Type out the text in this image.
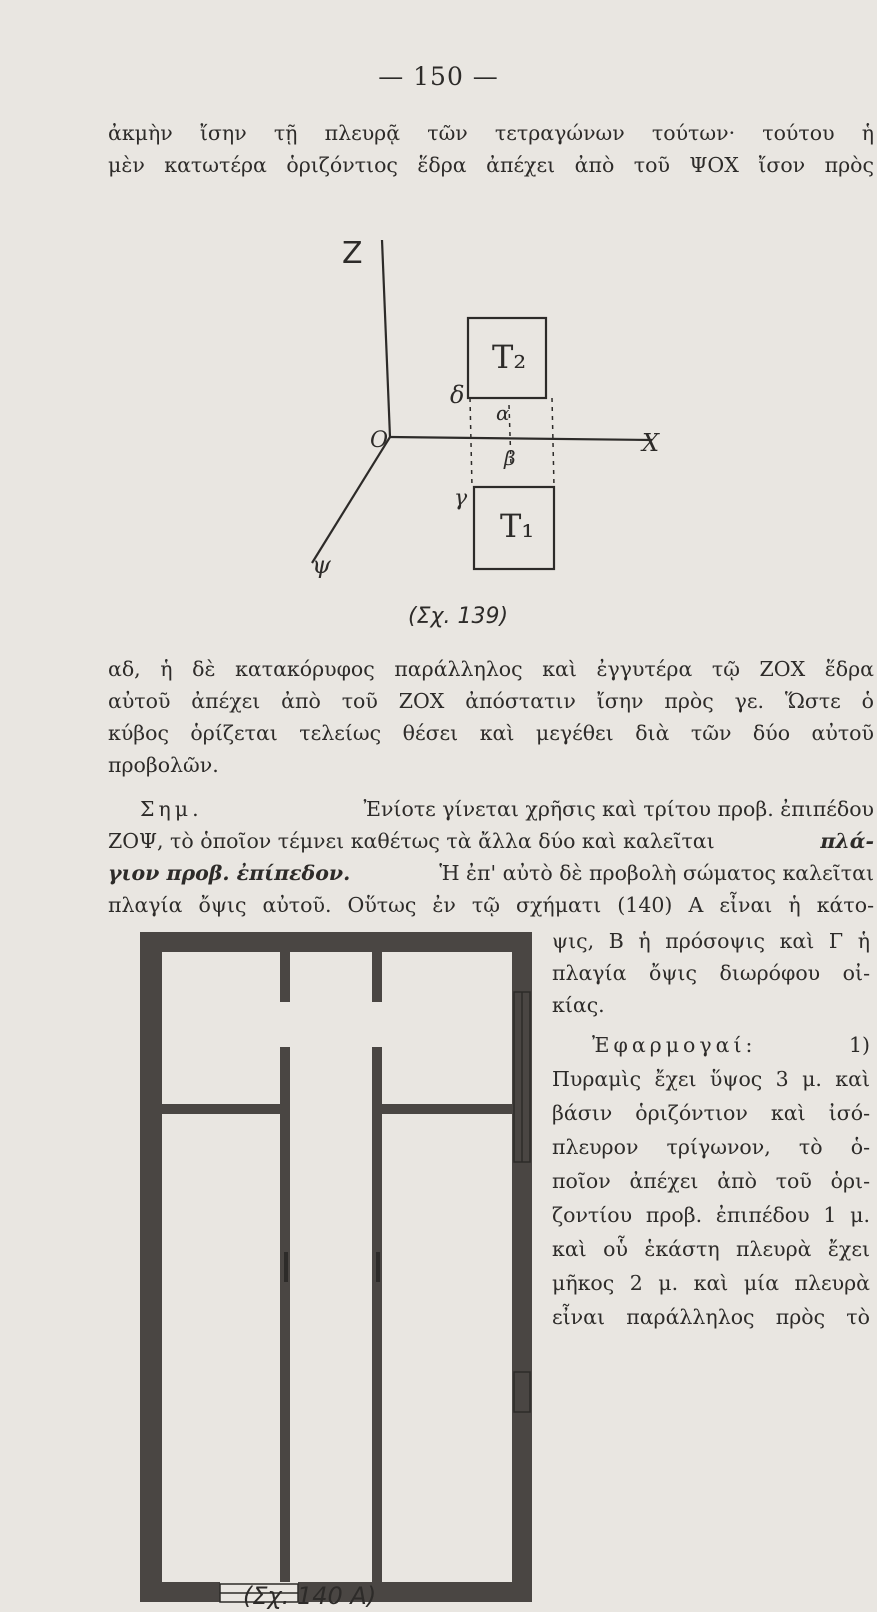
— 150 —
ἀκμὴν ἴσην τῇ πλευρᾷ τῶν τετραγώνων τούτων· τούτου ἡ
μὲν κατωτέρα ὁριζόντιος ἕδρα ἀπέχει ἀπὸ τοῦ ΨΟΧ ἴσον πρὸς
Z
X
O
ψ
T₂
T₁
δ
γ
α
β
(Σχ. 139)
αδ, ἡ δὲ κατακόρυφος παράλληλος καὶ ἐγγυτέρα τῷ ΖΟΧ ἕδρα
αὐτοῦ ἀπέχει ἀπὸ τοῦ ΖΟΧ ἀπόστατιν ἴσην πρὸς γε. Ὥστε ὁ
κύβος ὁρίζεται τελείως θέσει καὶ μεγέθει διὰ τῶν δύο αὐτοῦ
προβολῶν.
Σημ.	Ἐνίοτε γίνεται χρῆσις καὶ τρίτου προβ. ἐπιπέδου
ΖΟΨ, τὸ ὁποῖον τέμνει καθέτως τὰ ἄλλα δύο καὶ καλεῖται	πλά-
γιον προβ. ἐπίπεδον.	Ἡ ἐπ' αὐτὸ δὲ προβολὴ σώματος καλεῖται
πλαγία ὄψις αὐτοῦ. Οὕτως ἐν τῷ σχήματι (140) Α εἶναι ἡ κάτο-
(Σχ. 140 Α)
ψις, Β ἡ πρόσοψις καὶ Γ ἡ
πλαγία ὄψις διωρόφου οἰ-
κίας.
Ἐφαρμογαί:	1)
Πυραμὶς ἔχει ὕψος 3 μ. καὶ
βάσιν ὁριζόντιον καὶ ἰσό-
πλευρον τρίγωνον, τὸ ὁ-
ποῖον ἀπέχει ἀπὸ τοῦ ὁρι-
ζοντίου προβ. ἐπιπέδου 1 μ.
καὶ οὗ ἑκάστη πλευρὰ ἔχει
μῆκος 2 μ. καὶ μία πλευρὰ
εἶναι παράλληλος πρὸς τὸ
